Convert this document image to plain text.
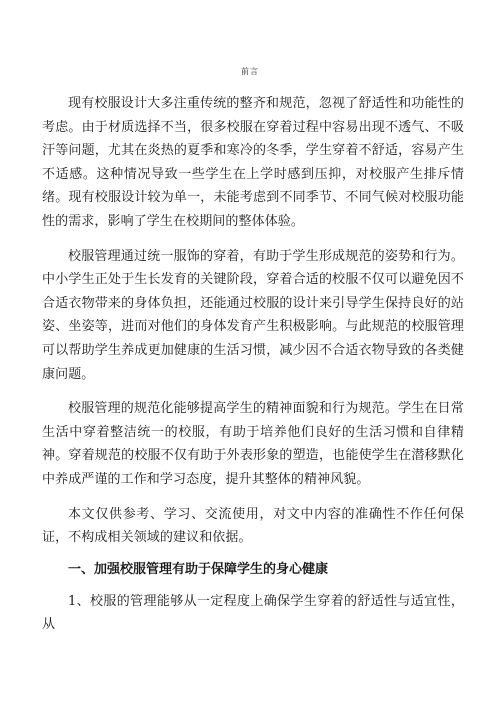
前言

现有校服设计大多注重传统的整齐和规范，忽视了舒适性和功能性的考虑。由于材质选择不当，很多校服在穿着过程中容易出现不透气、不吸汗等问题，尤其在炎热的夏季和寒冷的冬季，学生穿着不舒适，容易产生不适感。这种情况导致一些学生在上学时感到压抑，对校服产生排斥情绪。现有校服设计较为单一，未能考虑到不同季节、不同气候对校服功能性的需求，影响了学生在校期间的整体体验。

校服管理通过统一服饰的穿着，有助于学生形成规范的姿势和行为。中小学生正处于生长发育的关键阶段，穿着合适的校服不仅可以避免因不合适衣物带来的身体负担，还能通过校服的设计来引导学生保持良好的站姿、坐姿等，进而对他们的身体发育产生积极影响。与此规范的校服管理可以帮助学生养成更加健康的生活习惯，减少因不合适衣物导致的各类健康问题。

校服管理的规范化能够提高学生的精神面貌和行为规范。学生在日常生活中穿着整洁统一的校服，有助于培养他们良好的生活习惯和自律精神。穿着规范的校服不仅有助于外表形象的塑造，也能使学生在潜移默化中养成严谨的工作和学习态度，提升其整体的精神风貌。

本文仅供参考、学习、交流使用，对文中内容的准确性不作任何保证，不构成相关领域的建议和依据。

一、加强校服管理有助于保障学生的身心健康

1、校服的管理能够从一定程度上确保学生穿着的舒适性与适宜性，从
